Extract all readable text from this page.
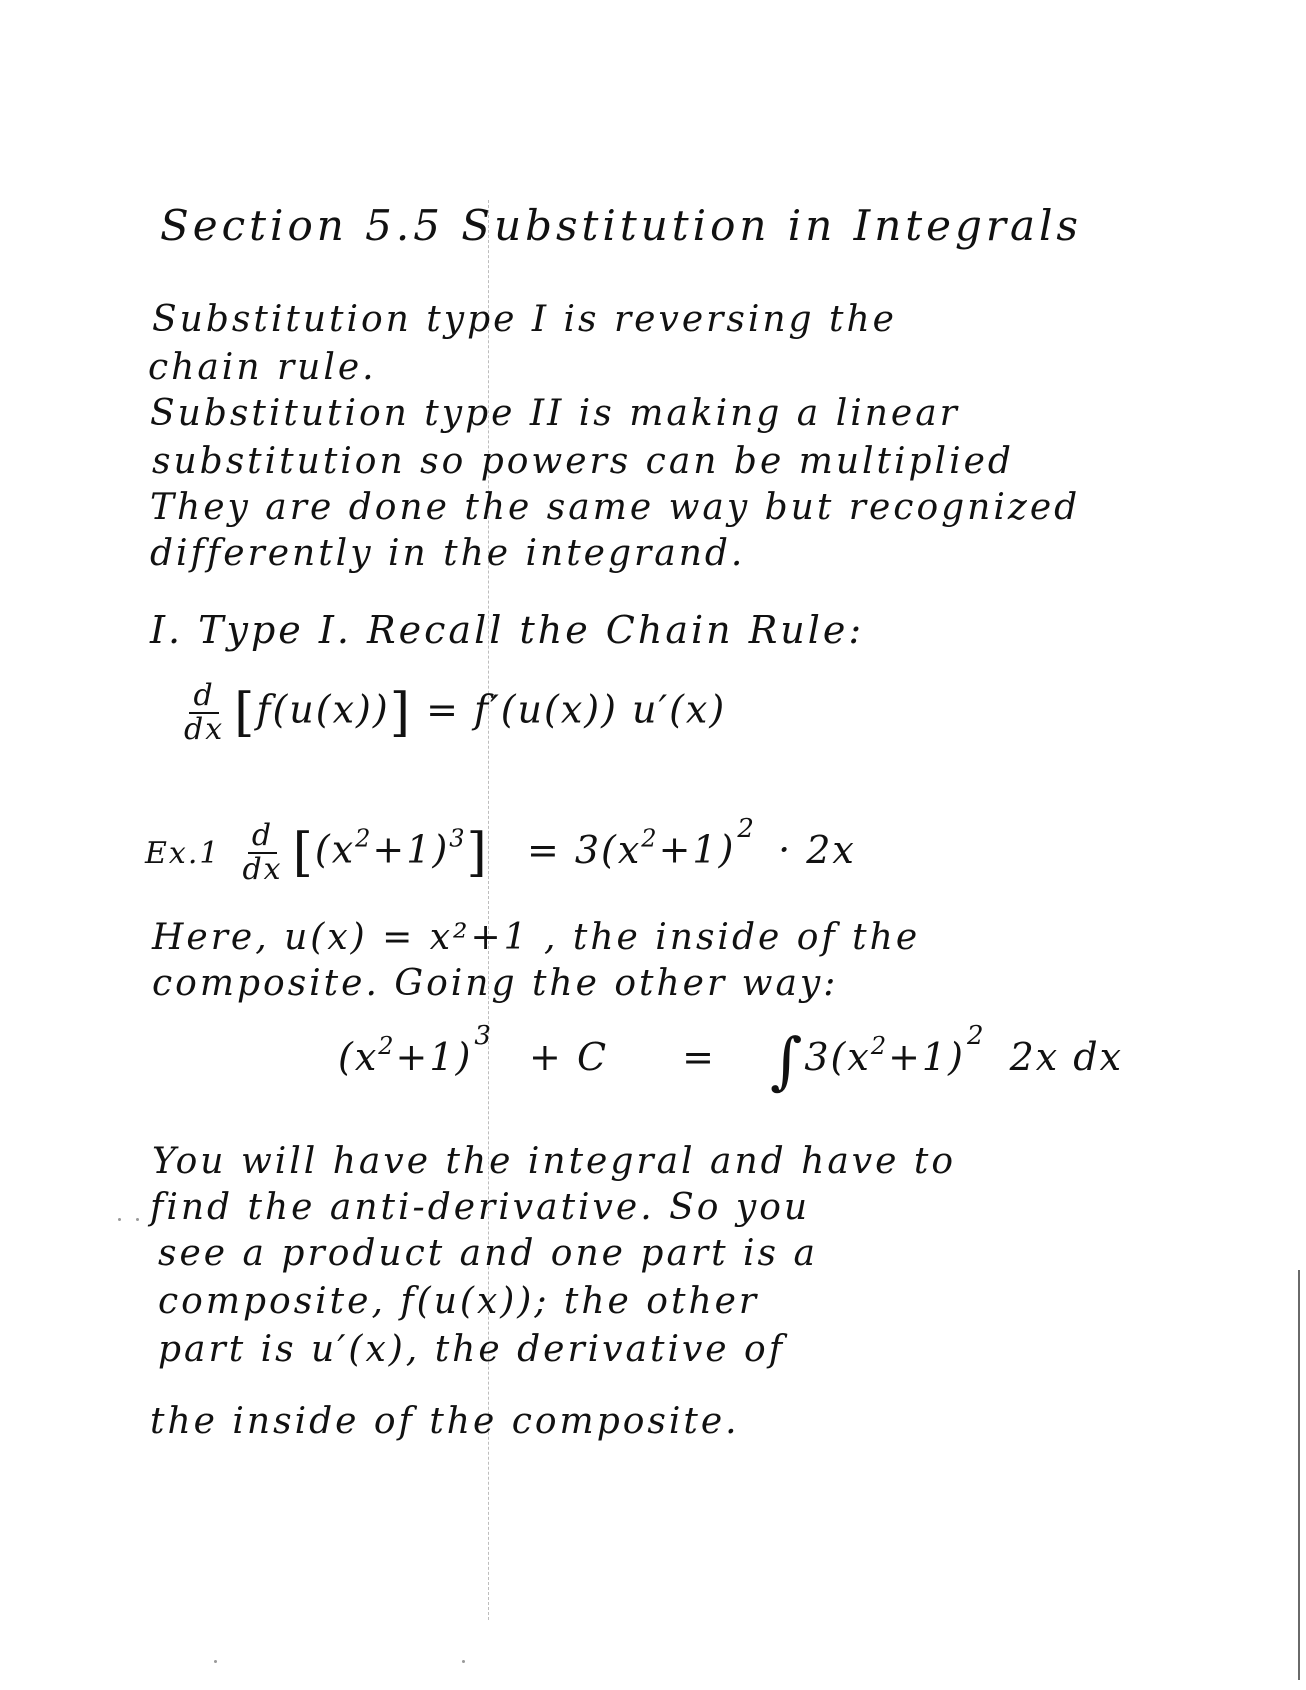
Section 5.5 Substitution in Integrals
Substitution type I is reversing the
chain rule.
Substitution type II is making a linear
substitution so powers can be multiplied
They are done the same way but recognized
differently in the integrand.
I. Type I. Recall the Chain Rule:
$\frac{d}{dx} [f(u(x))] = f'(u(x))$ u′(x)
$Ex.1 \frac{d}{dx} [(x^2+1)^3] = 3(x^2+1)^2 \cdot 2x$
Here, u(x) = x²+1 , the inside of the
composite. Going the other way:
$(x^2+1)^3 + C = \int 3(x^2+1)^2$ 2x dx
You will have the integral and have to
find the anti-derivative. So you
see a product and one part is a
composite, f(u(x)); the other
part is u′(x), the derivative of
the inside of the composite.
